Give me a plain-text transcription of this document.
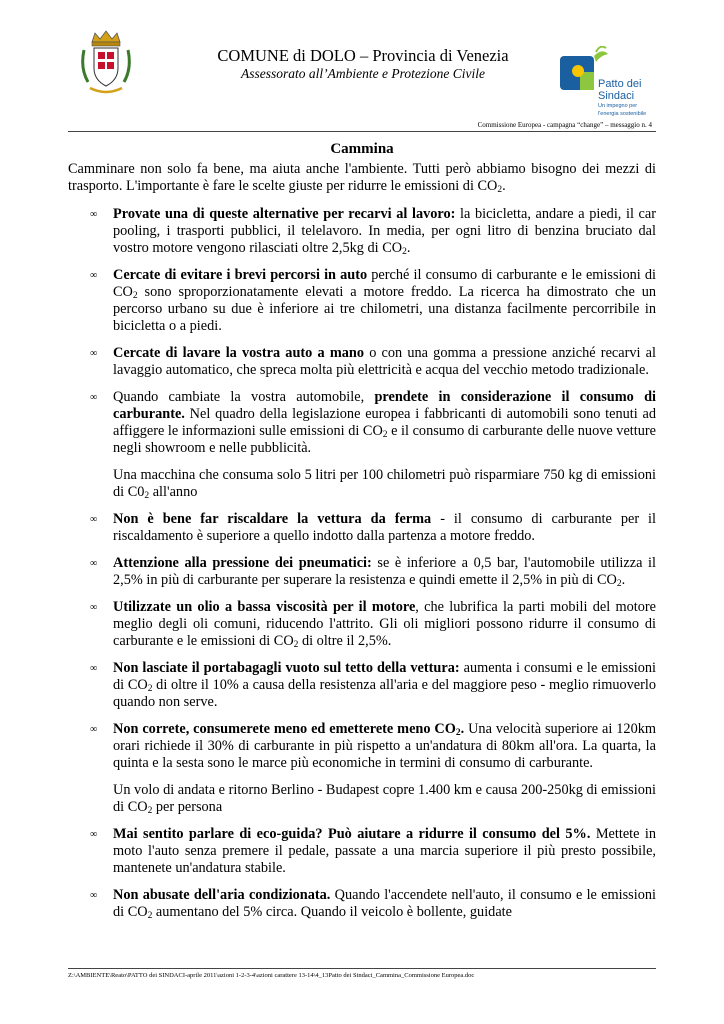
COMUNE di DOLO – Provincia di Venezia
Assessorato all’Ambiente e Protezione Civile
Patto dei
Sindaci
Un impegno per
l'energia sostenibile
Commissione Europea - campagna “change” – messaggio n. 4
Cammina

Camminare non solo fa bene, ma aiuta anche l'ambiente. Tutti però abbiamo bisogno dei mezzi di trasporto. L'importante è fare le scelte giuste per ridurre le emissioni di $CO_2$.

∞ Provate una di queste alternative per recarvi al lavoro: la bicicletta, andare a piedi, il car pooling, i trasporti pubblici, il telelavoro. In media, per ogni litro di benzina bruciato dal vostro motore vengono rilasciati oltre 2,5kg di $CO_2$.
∞ Cercate di evitare i brevi percorsi in auto perché il consumo di carburante e le emissioni di $CO_2$ sono sproporzionatamente elevati a motore freddo. La ricerca ha dimostrato che un percorso urbano su due è inferiore ai tre chilometri, una distanza facilmente percorribile in bicicletta o a piedi.
∞ Cercate di lavare la vostra auto a mano o con una gomma a pressione anziché recarvi al lavaggio automatico, che spreca molta più elettricità e acqua del vecchio metodo tradizionale.
∞ Quando cambiate la vostra automobile, prendete in considerazione il consumo di carburante. Nel quadro della legislazione europea i fabbricanti di automobili sono tenuti ad affiggere le informazioni sulle emissioni di $CO_2$ e il consumo di carburante delle nuove vetture negli showroom e nelle pubblicità.

Una macchina che consuma solo 5 litri per 100 chilometri può risparmiare 750 kg di emissioni di $C0_2$ all'anno

∞ Non è bene far riscaldare la vettura da ferma - il consumo di carburante per il riscaldamento è superiore a quello indotto dalla partenza a motore freddo.
∞ Attenzione alla pressione dei pneumatici: se è inferiore a 0,5 bar, l'automobile utilizza il 2,5% in più di carburante per superare la resistenza e quindi emette il 2,5% in più di $CO_2$.
∞ Utilizzate un olio a bassa viscosità per il motore, che lubrifica la parti mobili del motore meglio degli oli comuni, riducendo l'attrito. Gli oli migliori possono ridurre il consumo di carburante e le emissioni di $CO_2$ di oltre il 2,5%.
∞ Non lasciate il portabagagli vuoto sul tetto della vettura: aumenta i consumi e le emissioni di $CO_2$ di oltre il 10% a causa della resistenza all'aria e del maggiore peso - meglio rimuoverlo quando non serve.
∞ Non correte, consumerete meno ed emetterete meno $CO_2$. Una velocità superiore ai 120km orari richiede il 30% di carburante in più rispetto a un'andatura di 80km all'ora. La quarta, la quinta e la sesta sono le marce più economiche in termini di consumo di carburante.

Un volo di andata e ritorno Berlino - Budapest copre 1.400 km e causa 200-250kg di emissioni di $CO_2$ per persona

∞ Mai sentito parlare di eco-guida? Può aiutare a ridurre il consumo del 5%. Mettete in moto l'auto senza premere il pedale, passate a una marcia superiore il più presto possibile, mantenete un'andatura stabile.
∞ Non abusate dell'aria condizionata. Quando l'accendete nell'auto, il consumo e le emissioni di $CO_2$ aumentano del 5% circa. Quando il veicolo è bollente, guidate
Z:\AMBIENTE\Reato\PATTO dei SINDACI-aprile 2011\azioni 1-2-3-4\azioni carattere 13-14\4_13Patto dei Sindaci_Cammina_Commissione Europea.doc
